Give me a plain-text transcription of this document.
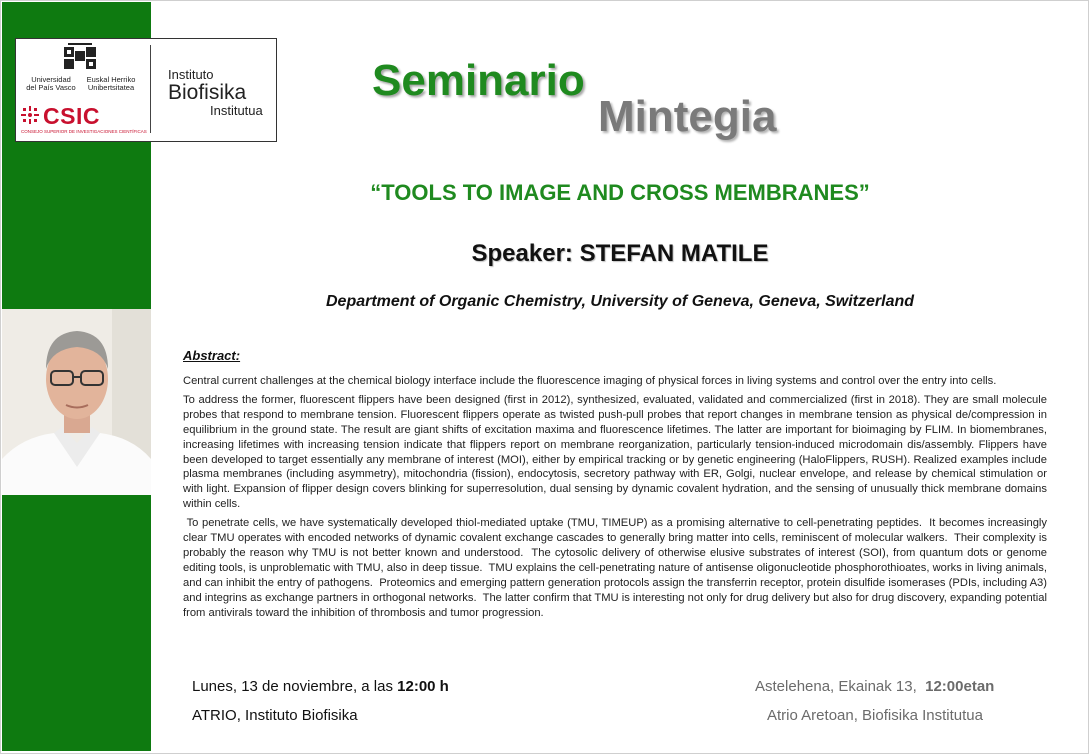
Universidad
del País Vasco
Euskal Herriko
Unibertsitatea
CSIC
CONSEJO SUPERIOR DE INVESTIGACIONES CIENTÍFICAS
Instituto
Biofisika
Institutua
Seminario
Mintegia
“TOOLS TO IMAGE AND CROSS MEMBRANES”
Speaker: STEFAN MATILE
Department of Organic Chemistry, University of Geneva, Geneva, Switzerland
Abstract:

Central current challenges at the chemical biology interface include the fluorescence imaging of physical forces in living systems and control over the entry into cells.

To address the former, fluorescent flippers have been designed (first in 2012), synthesized, evaluated, validated and commercialized (first in 2018). They are small molecule probes that respond to membrane tension. Fluorescent flippers operate as twisted push-pull probes that report changes in membrane tension as physical de/compression in equilibrium in the ground state. The result are giant shifts of excitation maxima and fluorescence lifetimes. The latter are important for bioimaging by FLIM. In biomembranes, increasing lifetimes with increasing tension indicate that flippers report on membrane reorganization, particularly tension-induced microdomain dis/assembly. Flippers have been developed to target essentially any membrane of interest (MOI), either by empirical tracking or by genetic engineering (HaloFlippers, RUSH). Realized examples include plasma membranes (including asymmetry), mitochondria (fission), endocytosis, secretory pathway with ER, Golgi, nuclear envelope, and release by chemical stimulation or with light. Expansion of flipper design covers blinking for superresolution, dual sensing by dynamic covalent hydration, and the sensing of unusually thick membrane domains within cells.

To penetrate cells, we have systematically developed thiol-mediated uptake (TMU, TIMEUP) as a promising alternative to cell-penetrating peptides.  It becomes increasingly clear TMU operates with encoded networks of dynamic covalent exchange cascades to generally bring matter into cells, reminiscent of molecular walkers.  Their complexity is probably the reason why TMU is not better known and understood.  The cytosolic delivery of otherwise elusive substrates of interest (SOI), from quantum dots or genome editing tools, is unproblematic with TMU, also in deep tissue.  TMU explains the cell-penetrating nature of antisense oligonucleotide phosphorothioates, works in living animals, and can inhibit the entry of pathogens.  Proteomics and emerging pattern generation protocols assign the transferrin receptor, protein disulfide isomerases (PDIs, including A3) and integrins as exchange partners in orthogonal networks.  The latter confirm that TMU is interesting not only for drug delivery but also for drug discovery, expanding potential from antivirals toward the inhibition of thrombosis and tumor progression.

Lunes, 13 de noviembre, a las 12:00 h
ATRIO, Instituto Biofisika
Astelehena, Ekainak 13,  12:00etan
Atrio Aretoan, Biofisika Institutua
